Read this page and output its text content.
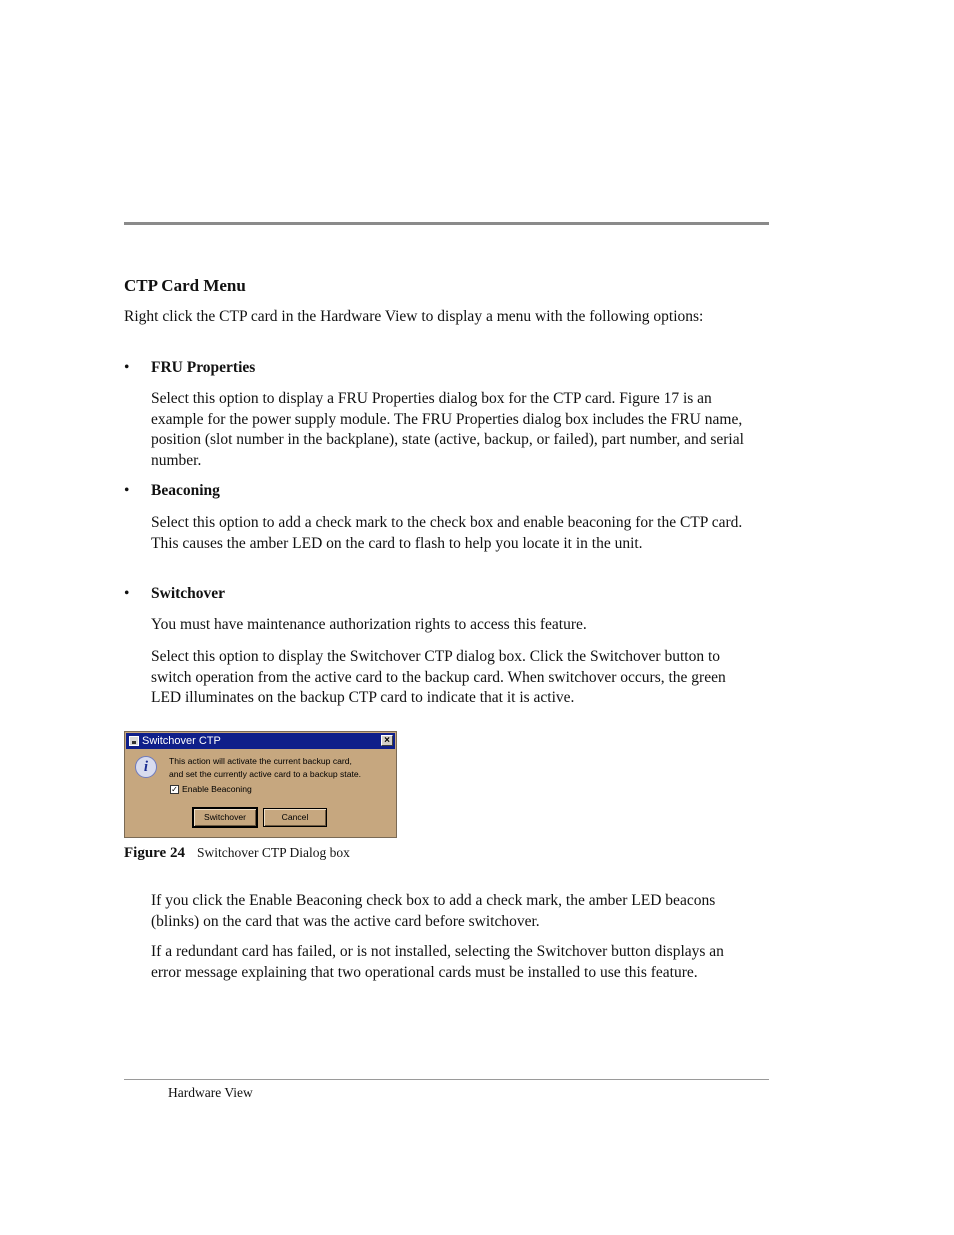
CTP Card Menu

Right click the CTP card in the Hardware View to display a menu with the following options:

• FRU Properties

Select this option to display a FRU Properties dialog box for the CTP card. Figure 17 is an example for the power supply module. The FRU Properties dialog box includes the FRU name, position (slot number in the backplane), state (active, backup, or failed), part number, and serial number.

• Beaconing

Select this option to add a check mark to the check box and enable beaconing for the CTP card. This causes the amber LED on the card to flash to help you locate it in the unit.

• Switchover

You must have maintenance authorization rights to access this feature.

Select this option to display the Switchover CTP dialog box. Click the Switchover button to switch operation from the active card to the backup card. When switchover occurs, the green LED illuminates on the backup CTP card to indicate that it is active.

Switchover CTP	×
i	This action will activate the current backup card,
and set the currently active card to a backup state.
✓ Enable Beaconing
Switchover	Cancel
Figure 24 Switchover CTP Dialog box

If you click the Enable Beaconing check box to add a check mark, the amber LED beacons (blinks) on the card that was the active card before switchover.

If a redundant card has failed, or is not installed, selecting the Switchover button displays an error message explaining that two operational cards must be installed to use this feature.

Hardware View
